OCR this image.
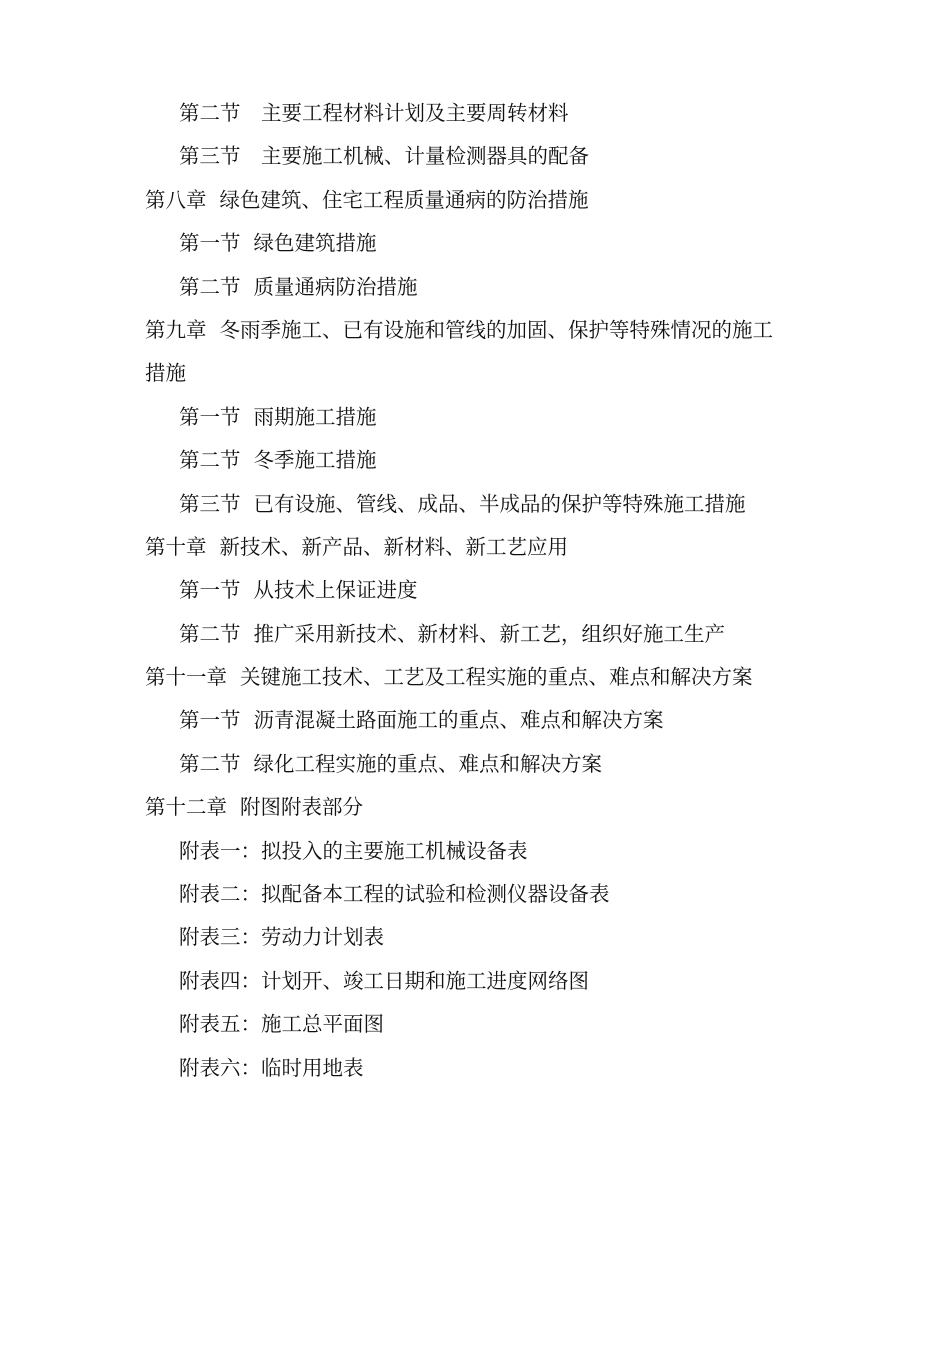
第二节　主要工程材料计划及主要周转材料
第三节　主要施工机械、计量检测器具的配备
第八章  绿色建筑、住宅工程质量通病的防治措施
第一节  绿色建筑措施
第二节  质量通病防治措施
第九章  冬雨季施工、已有设施和管线的加固、保护等特殊情况的施工
措施
第一节  雨期施工措施
第二节  冬季施工措施
第三节  已有设施、管线、成品、半成品的保护等特殊施工措施
第十章  新技术、新产品、新材料、新工艺应用
第一节  从技术上保证进度
第二节  推广采用新技术、新材料、新工艺，组织好施工生产
第十一章  关键施工技术、工艺及工程实施的重点、难点和解决方案
第一节  沥青混凝土路面施工的重点、难点和解决方案
第二节  绿化工程实施的重点、难点和解决方案
第十二章  附图附表部分
附表一：拟投入的主要施工机械设备表
附表二：拟配备本工程的试验和检测仪器设备表
附表三：劳动力计划表
附表四：计划开、竣工日期和施工进度网络图
附表五：施工总平面图
附表六：临时用地表
